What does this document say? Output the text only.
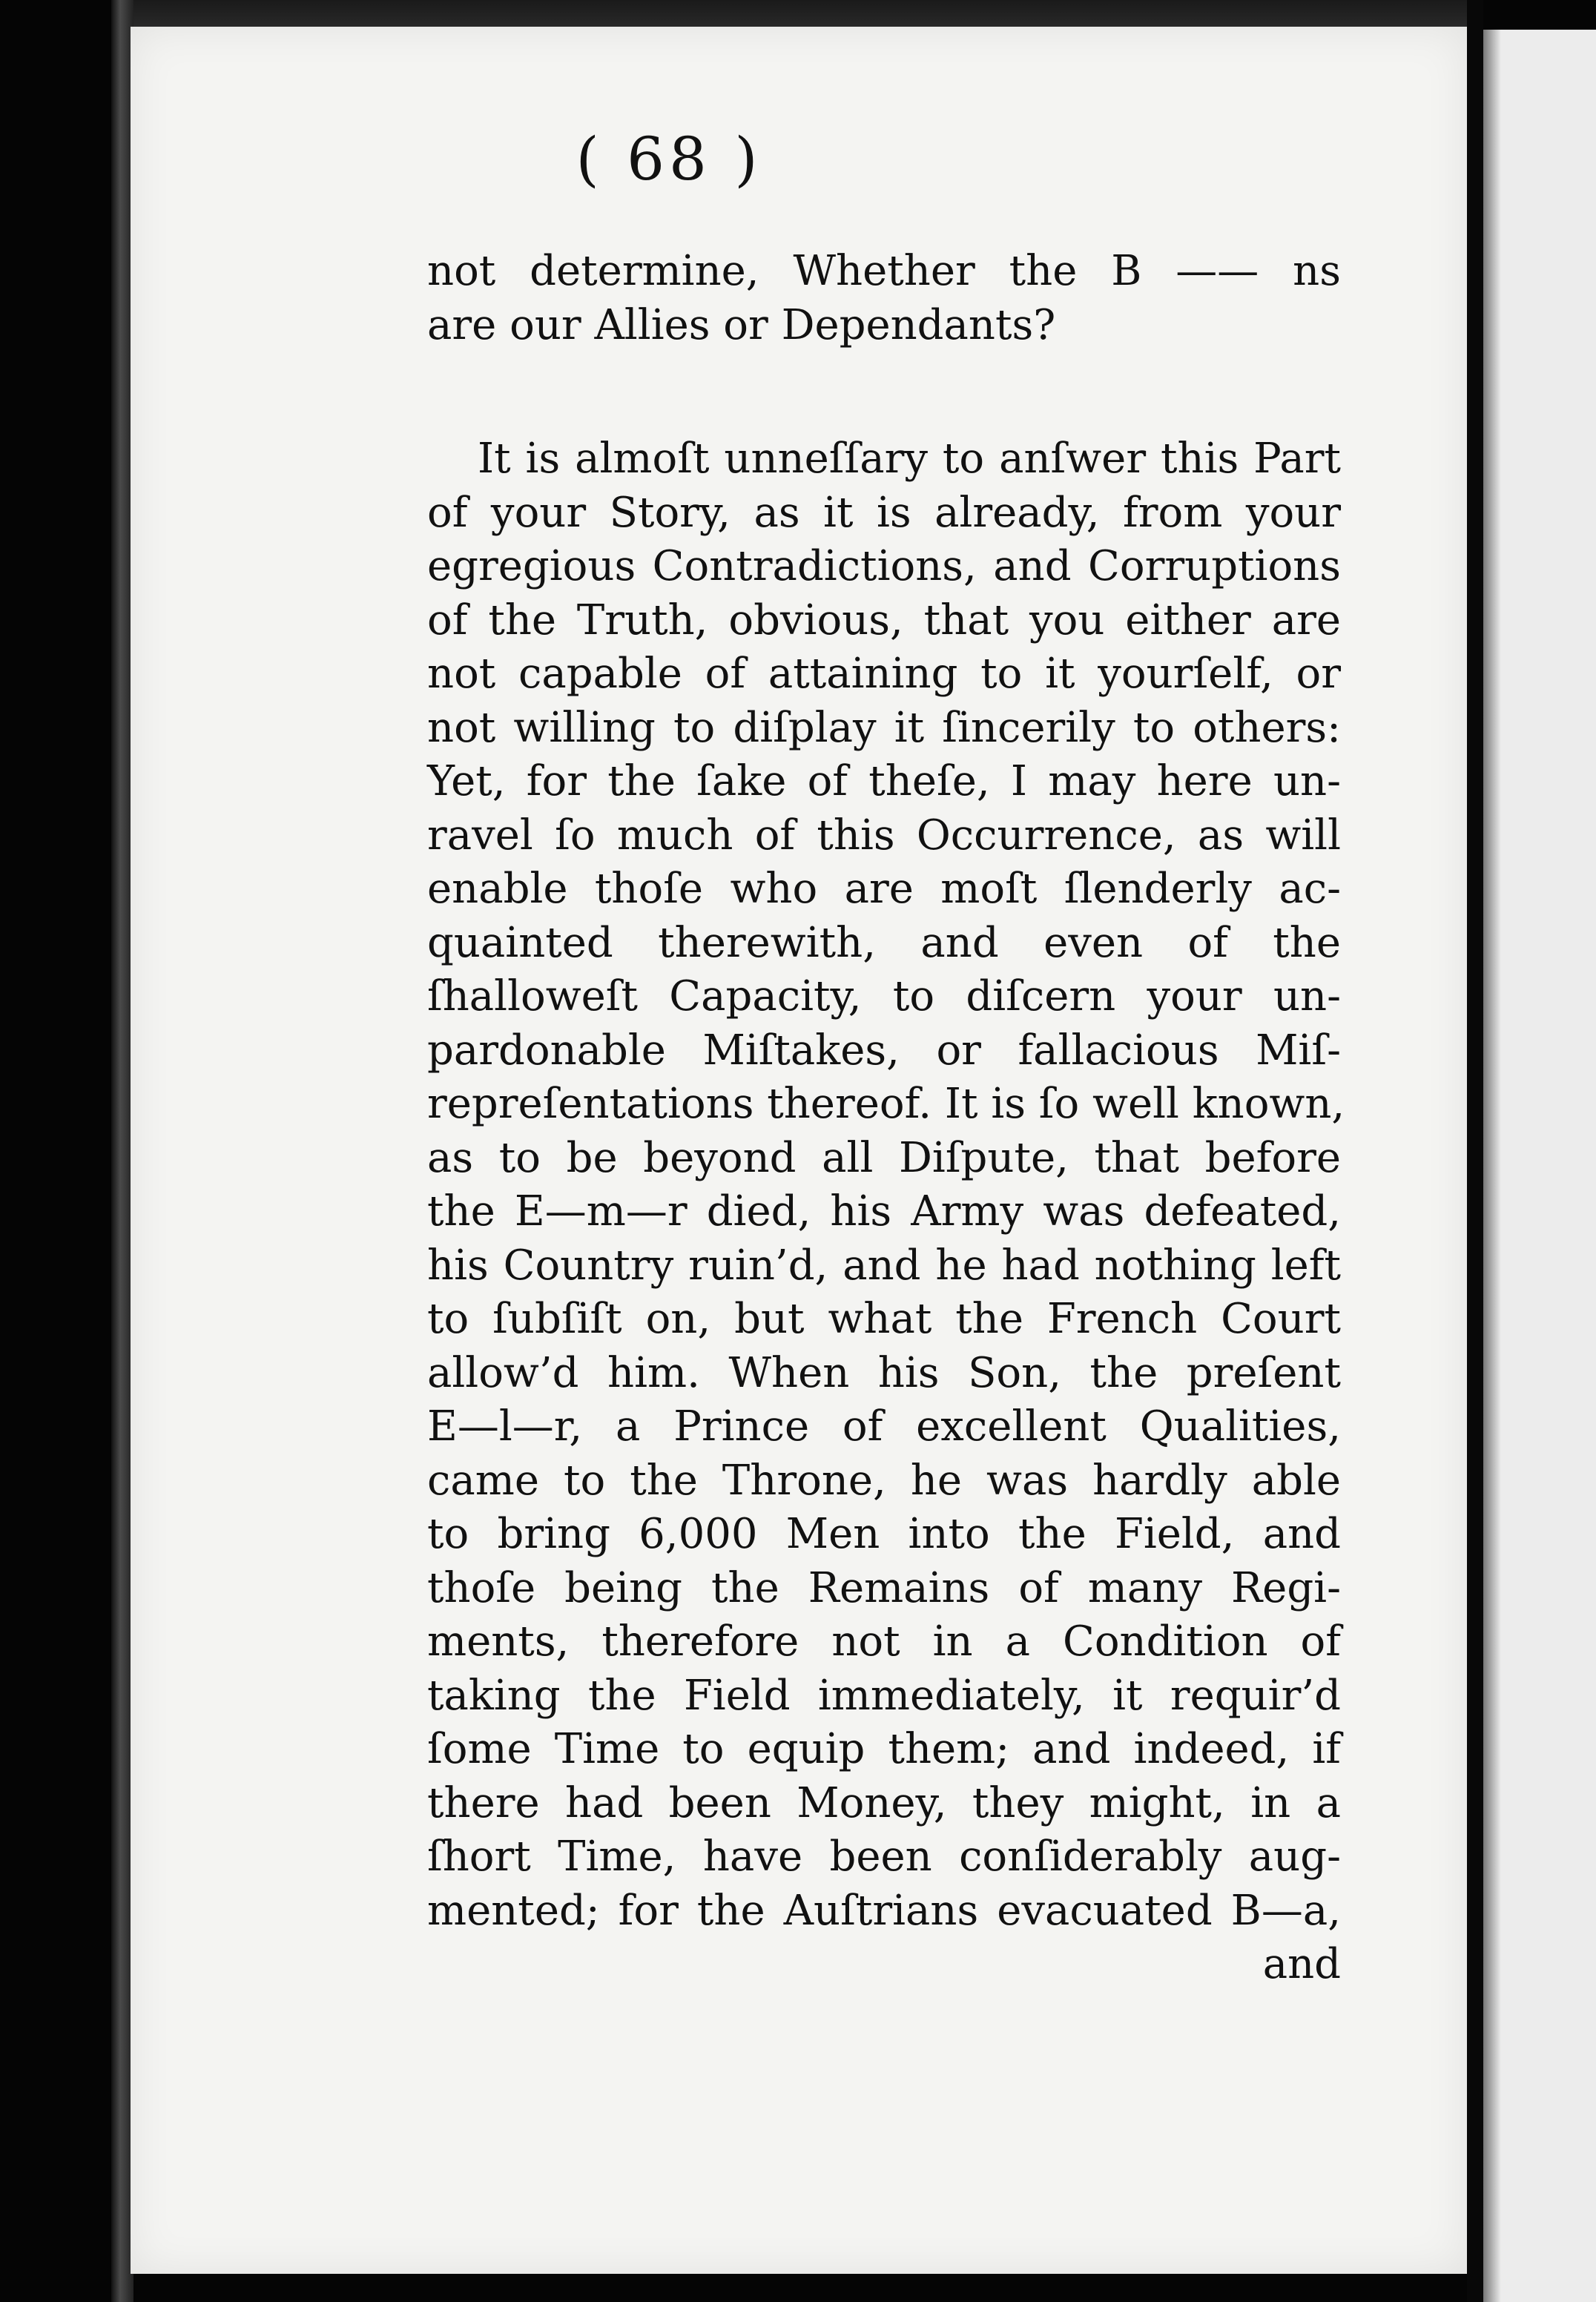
( 68 )
not determine, Whether the B —— ns
are our Allies or Dependants?
It is almoſt unneſſary to anſwer this Part
of your Story, as it is already, from your
egregious Contradictions, and Corruptions
of the Truth, obvious, that you either are
not capable of attaining to it yourſelf, or
not willing to diſplay it ſincerily to others:
Yet, for the ſake of theſe, I may here un-
ravel ſo much of this Occurrence, as will
enable thoſe who are moſt ſlenderly ac-
quainted therewith, and even of the
ſhalloweſt Capacity, to diſcern your un-
pardonable Miſtakes, or fallacious Miſ-
repreſentations thereof. It is ſo well known,
as to be beyond all Diſpute, that before
the E—m—r died, his Army was defeated,
his Country ruin’d, and he had nothing left
to ſubſiſt on, but what the French Court
allow’d him. When his Son, the preſent
E—l—r, a Prince of excellent Qualities,
came to the Throne, he was hardly able
to bring 6,000 Men into the Field, and
thoſe being the Remains of many Regi-
ments, therefore not in a Condition of
taking the Field immediately, it requir’d
ſome Time to equip them; and indeed, if
there had been Money, they might, in a
ſhort Time, have been conſiderably aug-
mented; for the Auſtrians evacuated B—a,
and
